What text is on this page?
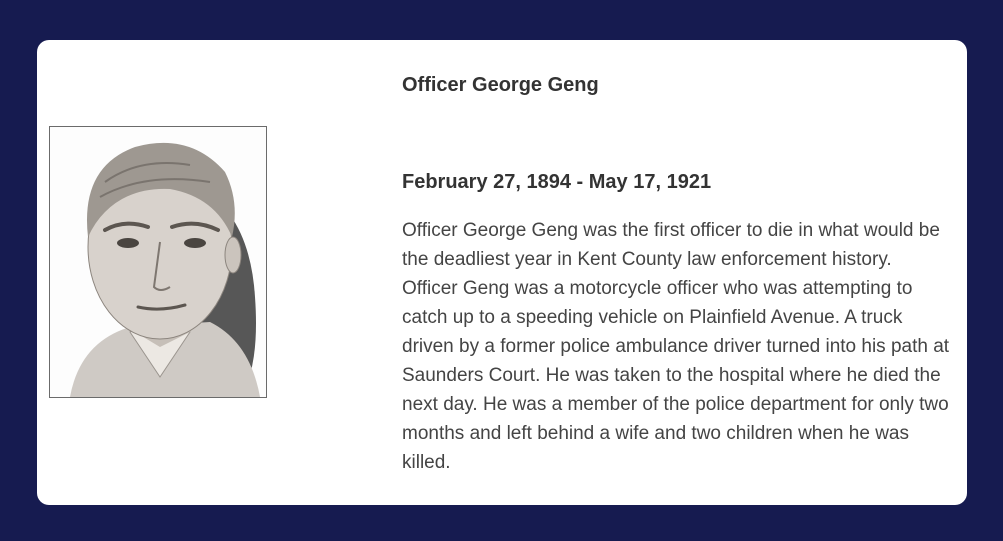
Officer George Geng
February 27, 1894 - May 17, 1921

Officer George Geng was the first officer to die in what would be the deadliest year in Kent County law enforcement history. Officer Geng was a motorcycle officer who was attempting to catch up to a speeding vehicle on Plainfield Avenue. A truck driven by a former police ambulance driver turned into his path at Saunders Court. He was taken to the hospital where he died the next day. He was a member of the police department for only two months and left behind a wife and two children when he was killed.
